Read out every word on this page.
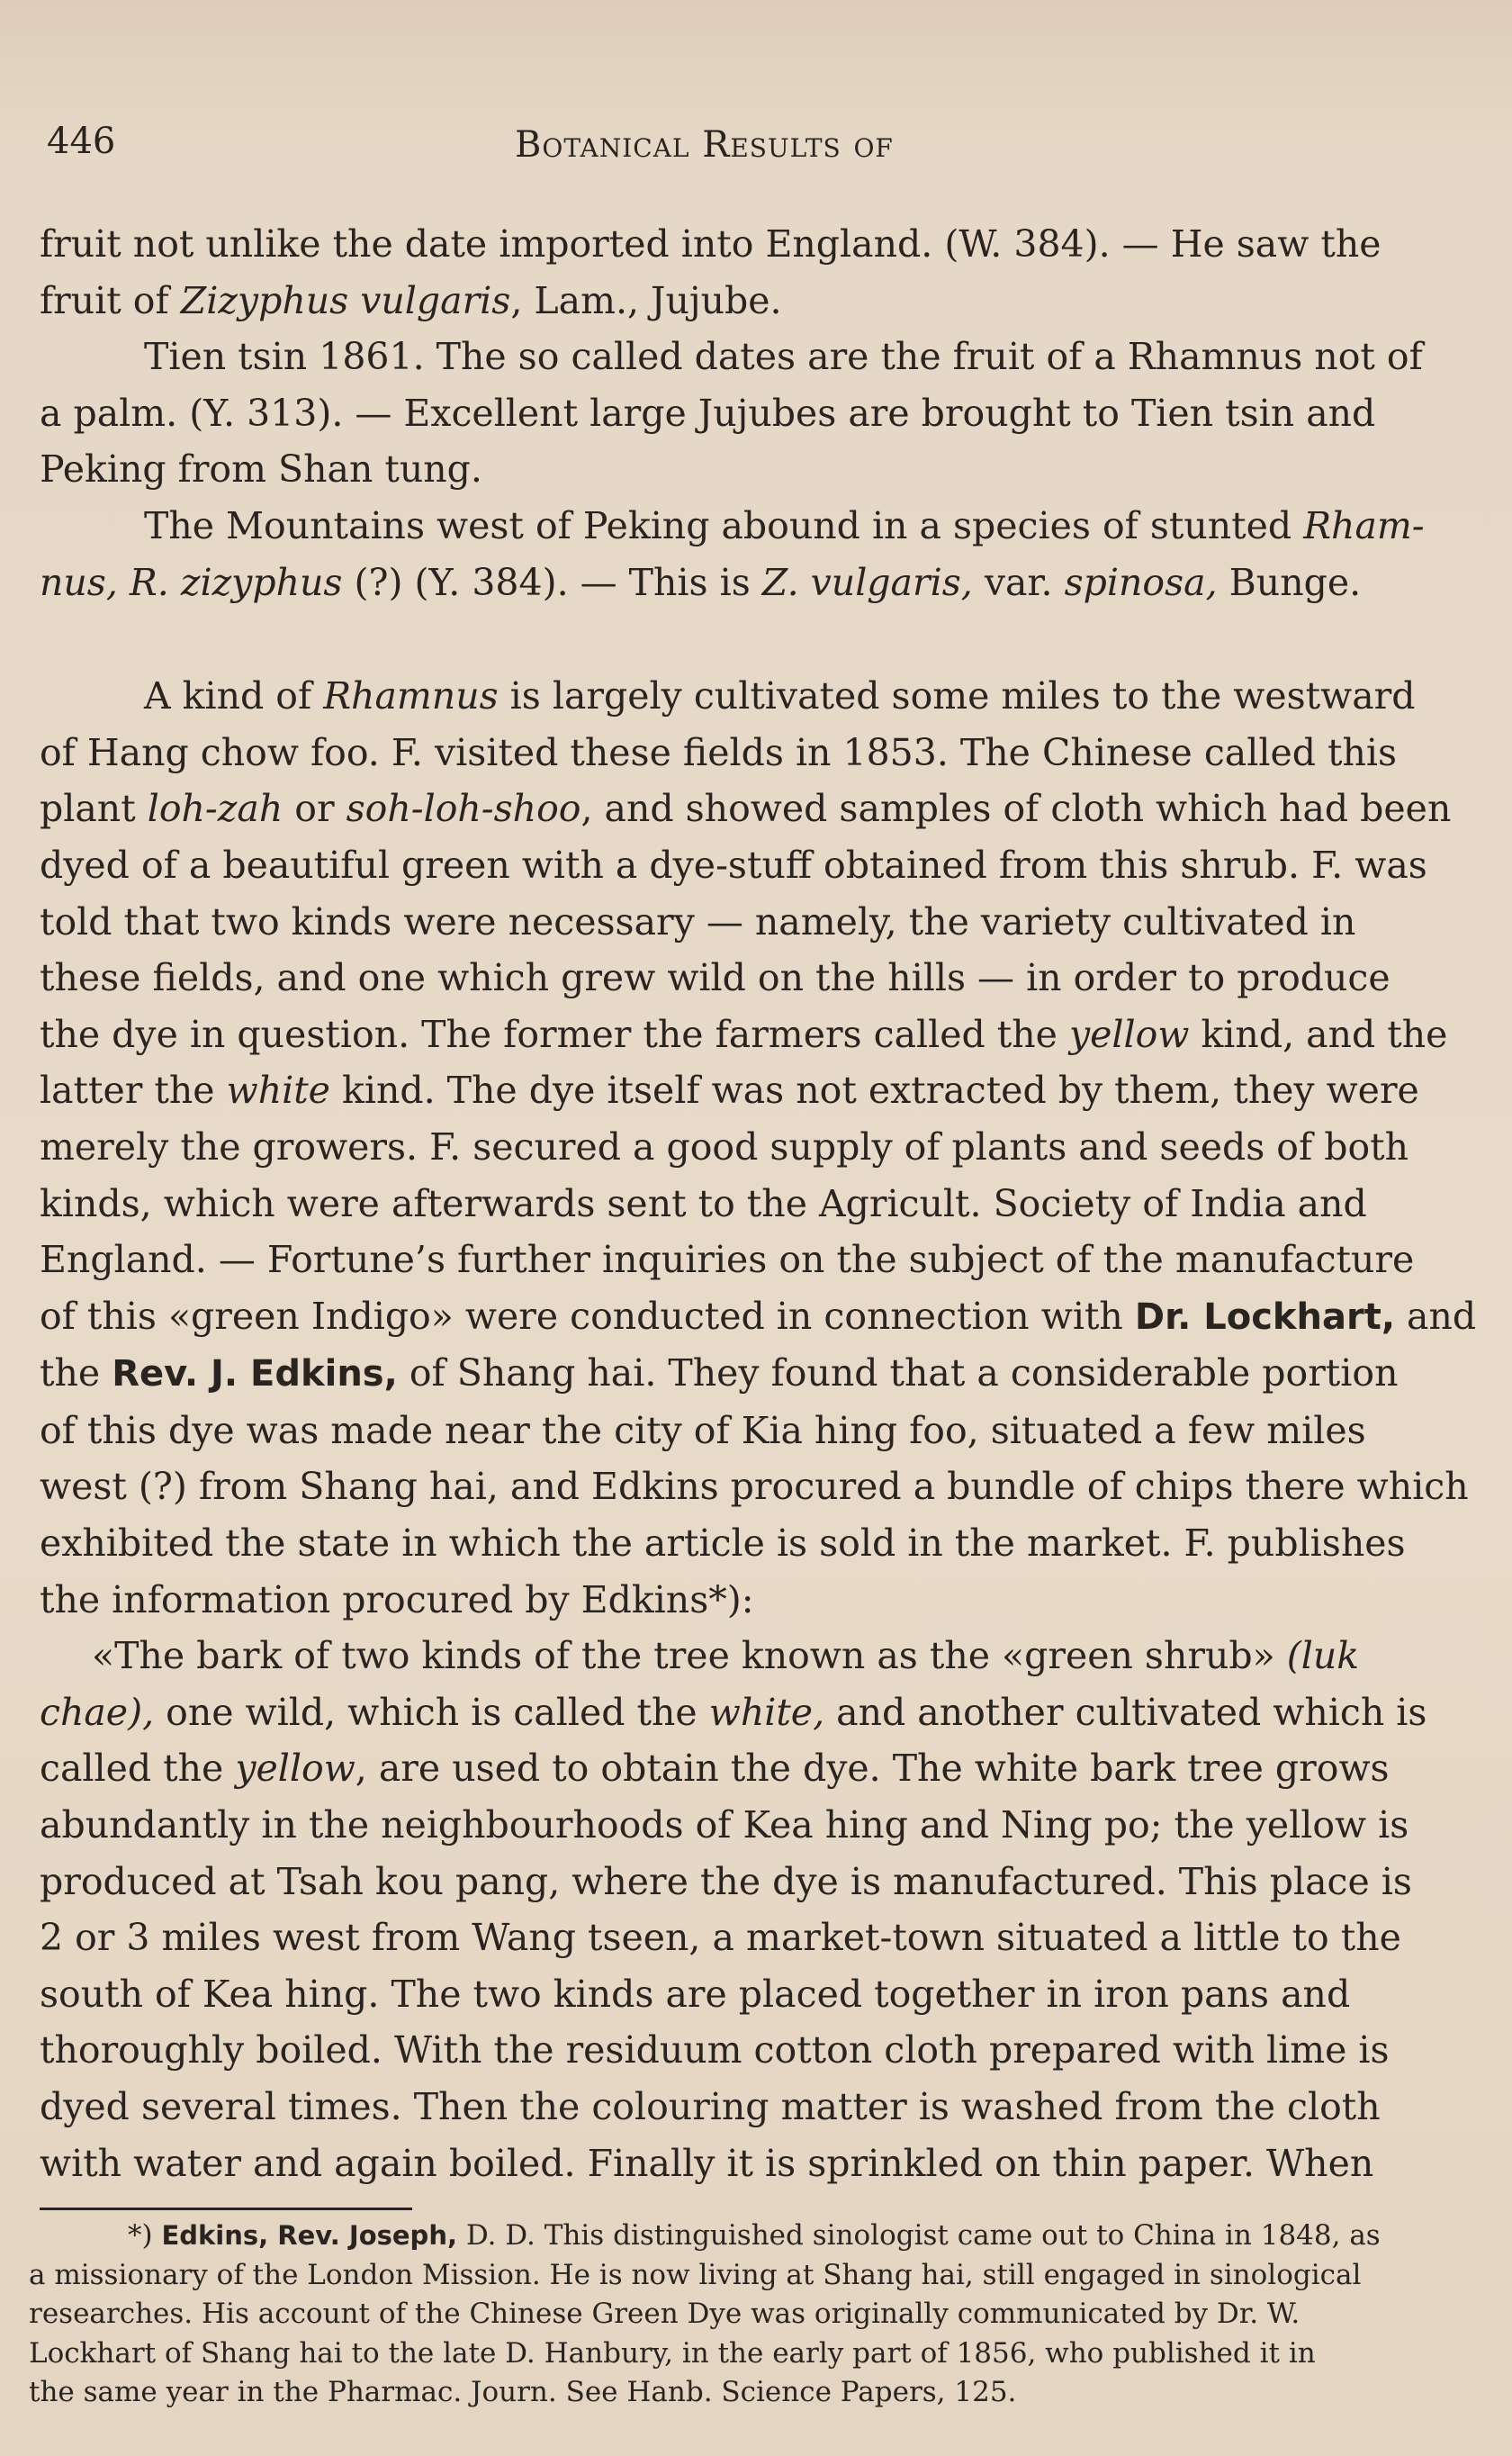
446	Botanical Results of
fruit not unlike the date imported into England. (W. 384). — He saw the
fruit of Zizyphus vulgaris, Lam., Jujube.
Tien tsin 1861. The so called dates are the fruit of a Rhamnus not of
a palm. (Y. 313). — Excellent large Jujubes are brought to Tien tsin and
Peking from Shan tung.
The Mountains west of Peking abound in a species of stunted Rham-
nus, R. zizyphus (?) (Y. 384). — This is Z. vulgaris, var. spinosa, Bunge.
A kind of Rhamnus is largely cultivated some miles to the westward
of Hang chow foo. F. visited these fields in 1853. The Chinese called this
plant loh-zah or soh-loh-shoo, and showed samples of cloth which had been
dyed of a beautiful green with a dye-stuff obtained from this shrub. F. was
told that two kinds were necessary — namely, the variety cultivated in
these fields, and one which grew wild on the hills — in order to produce
the dye in question. The former the farmers called the yellow kind, and the
latter the white kind. The dye itself was not extracted by them, they were
merely the growers. F. secured a good supply of plants and seeds of both
kinds, which were afterwards sent to the Agricult. Society of India and
England. — Fortune’s further inquiries on the subject of the manufacture
of this «green Indigo» were conducted in connection with Dr. Lockhart, and
the Rev. J. Edkins, of Shang hai. They found that a considerable portion
of this dye was made near the city of Kia hing foo, situated a few miles
west (?) from Shang hai, and Edkins procured a bundle of chips there which
exhibited the state in which the article is sold in the market. F. publishes
the information procured by Edkins*):
«The bark of two kinds of the tree known as the «green shrub» (luk
chae), one wild, which is called the white, and another cultivated which is
called the yellow, are used to obtain the dye. The white bark tree grows
abundantly in the neighbourhoods of Kea hing and Ning po; the yellow is
produced at Tsah kou pang, where the dye is manufactured. This place is
2 or 3 miles west from Wang tseen, a market-town situated a little to the
south of Kea hing. The two kinds are placed together in iron pans and
thoroughly boiled. With the residuum cotton cloth prepared with lime is
dyed several times. Then the colouring matter is washed from the cloth
with water and again boiled. Finally it is sprinkled on thin paper. When
*) Edkins, Rev. Joseph, D. D. This distinguished sinologist came out to China in 1848, as
a missionary of the London Mission. He is now living at Shang hai, still engaged in sinological
researches. His account of the Chinese Green Dye was originally communicated by Dr. W.
Lockhart of Shang hai to the late D. Hanbury, in the early part of 1856, who published it in
the same year in the Pharmac. Journ. See Hanb. Science Papers, 125.
